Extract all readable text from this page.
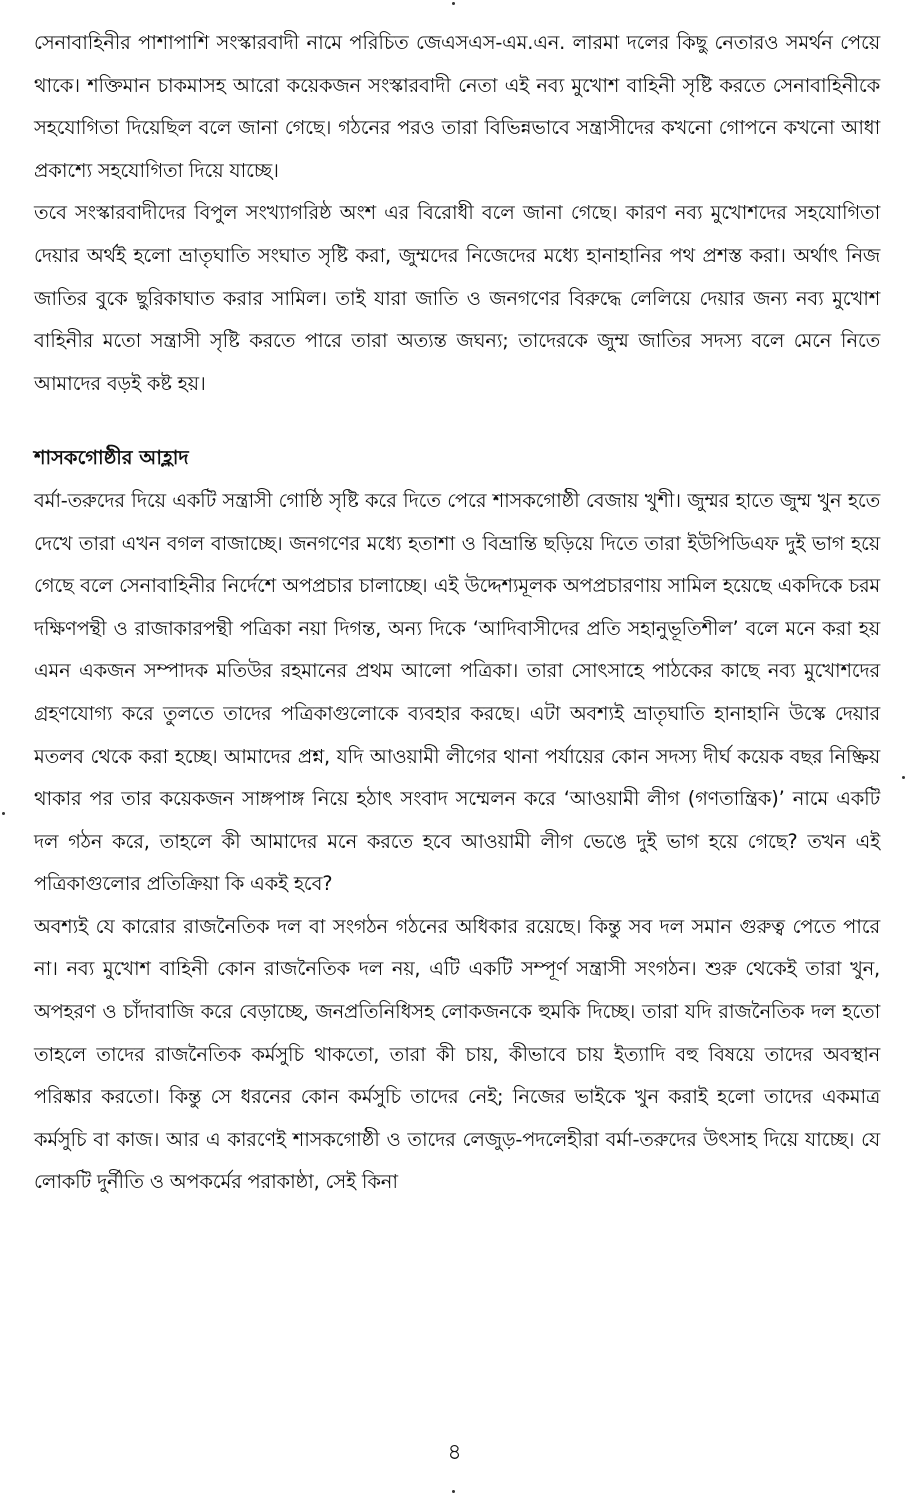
সেনাবাহিনীর পাশাপাশি সংস্কারবাদী নামে পরিচিত জেএসএস-এম.এন. লারমা দলের কিছু নেতারও সমর্থন পেয়ে থাকে। শক্তিমান চাকমাসহ আরো কয়েকজন সংস্কারবাদী নেতা এই নব্য মুখোশ বাহিনী সৃষ্টি করতে সেনাবাহিনীকে সহযোগিতা দিয়েছিল বলে জানা গেছে। গঠনের পরও তারা বিভিন্নভাবে সন্ত্রাসীদের কখনো গোপনে কখনো আধা প্রকাশ্যে সহযোগিতা দিয়ে যাচ্ছে।

তবে সংস্কারবাদীদের বিপুল সংখ্যাগরিষ্ঠ অংশ এর বিরোধী বলে জানা গেছে। কারণ নব্য মুখোশদের সহযোগিতা দেয়ার অর্থই হলো ভ্রাতৃঘাতি সংঘাত সৃষ্টি করা, জুম্মদের নিজেদের মধ্যে হানাহানির পথ প্রশস্ত করা। অর্থাৎ নিজ জাতির বুকে ছুরিকাঘাত করার সামিল। তাই যারা জাতি ও জনগণের বিরুদ্ধে লেলিয়ে দেয়ার জন্য নব্য মুখোশ বাহিনীর মতো সন্ত্রাসী সৃষ্টি করতে পারে তারা অত্যন্ত জঘন্য; তাদেরকে জুম্ম জাতির সদস্য বলে মেনে নিতে আমাদের বড়ই কষ্ট হয়।

শাসকগোষ্ঠীর আহ্লাদ

বর্মা-তরুদের দিয়ে একটি সন্ত্রাসী গোষ্ঠি সৃষ্টি করে দিতে পেরে শাসকগোষ্ঠী বেজায় খুশী। জুম্মর হাতে জুম্ম খুন হতে দেখে তারা এখন বগল বাজাচ্ছে। জনগণের মধ্যে হতাশা ও বিভ্রান্তি ছড়িয়ে দিতে তারা ইউপিডিএফ দুই ভাগ হয়ে গেছে বলে সেনাবাহিনীর নির্দেশে অপপ্রচার চালাচ্ছে। এই উদ্দেশ্যমূলক অপপ্রচারণায় সামিল হয়েছে একদিকে চরম দক্ষিণপন্থী ও রাজাকারপন্থী পত্রিকা নয়া দিগন্ত, অন্য দিকে ‘আদিবাসীদের প্রতি সহানুভূতিশীল’ বলে মনে করা হয় এমন একজন সম্পাদক মতিউর রহমানের প্রথম আলো পত্রিকা। তারা সোৎসাহে পাঠকের কাছে নব্য মুখোশদের গ্রহণযোগ্য করে তুলতে তাদের পত্রিকাগুলোকে ব্যবহার করছে। এটা অবশ্যই ভ্রাতৃঘাতি হানাহানি উস্কে দেয়ার মতলব থেকে করা হচ্ছে। আমাদের প্রশ্ন, যদি আওয়ামী লীগের থানা পর্যায়ের কোন সদস্য দীর্ঘ কয়েক বছর নিষ্ক্রিয় থাকার পর তার কয়েকজন সাঙ্গপাঙ্গ নিয়ে হঠাৎ সংবাদ সম্মেলন করে ‘আওয়ামী লীগ (গণতান্ত্রিক)’ নামে একটি দল গঠন করে, তাহলে কী আমাদের মনে করতে হবে আওয়ামী লীগ ভেঙে দুই ভাগ হয়ে গেছে? তখন এই পত্রিকাগুলোর প্রতিক্রিয়া কি একই হবে?

অবশ্যই যে কারোর রাজনৈতিক দল বা সংগঠন গঠনের অধিকার রয়েছে। কিন্তু সব দল সমান গুরুত্ব পেতে পারে না। নব্য মুখোশ বাহিনী কোন রাজনৈতিক দল নয়, এটি একটি সম্পূর্ণ সন্ত্রাসী সংগঠন। শুরু থেকেই তারা খুন, অপহরণ ও চাঁদাবাজি করে বেড়াচ্ছে, জনপ্রতিনিধিসহ লোকজনকে হুমকি দিচ্ছে। তারা যদি রাজনৈতিক দল হতো তাহলে তাদের রাজনৈতিক কর্মসুচি থাকতো, তারা কী চায়, কীভাবে চায় ইত্যাদি বহু বিষয়ে তাদের অবস্থান পরিষ্কার করতো। কিন্তু সে ধরনের কোন কর্মসুচি তাদের নেই; নিজের ভাইকে খুন করাই হলো তাদের একমাত্র কর্মসুচি বা কাজ। আর এ কারণেই শাসকগোষ্ঠী ও তাদের লেজুড়-পদলেহীরা বর্মা-তরুদের উৎসাহ দিয়ে যাচ্ছে। যে লোকটি দুর্নীতি ও অপকর্মের পরাকাষ্ঠা, সেই কিনা

৪
